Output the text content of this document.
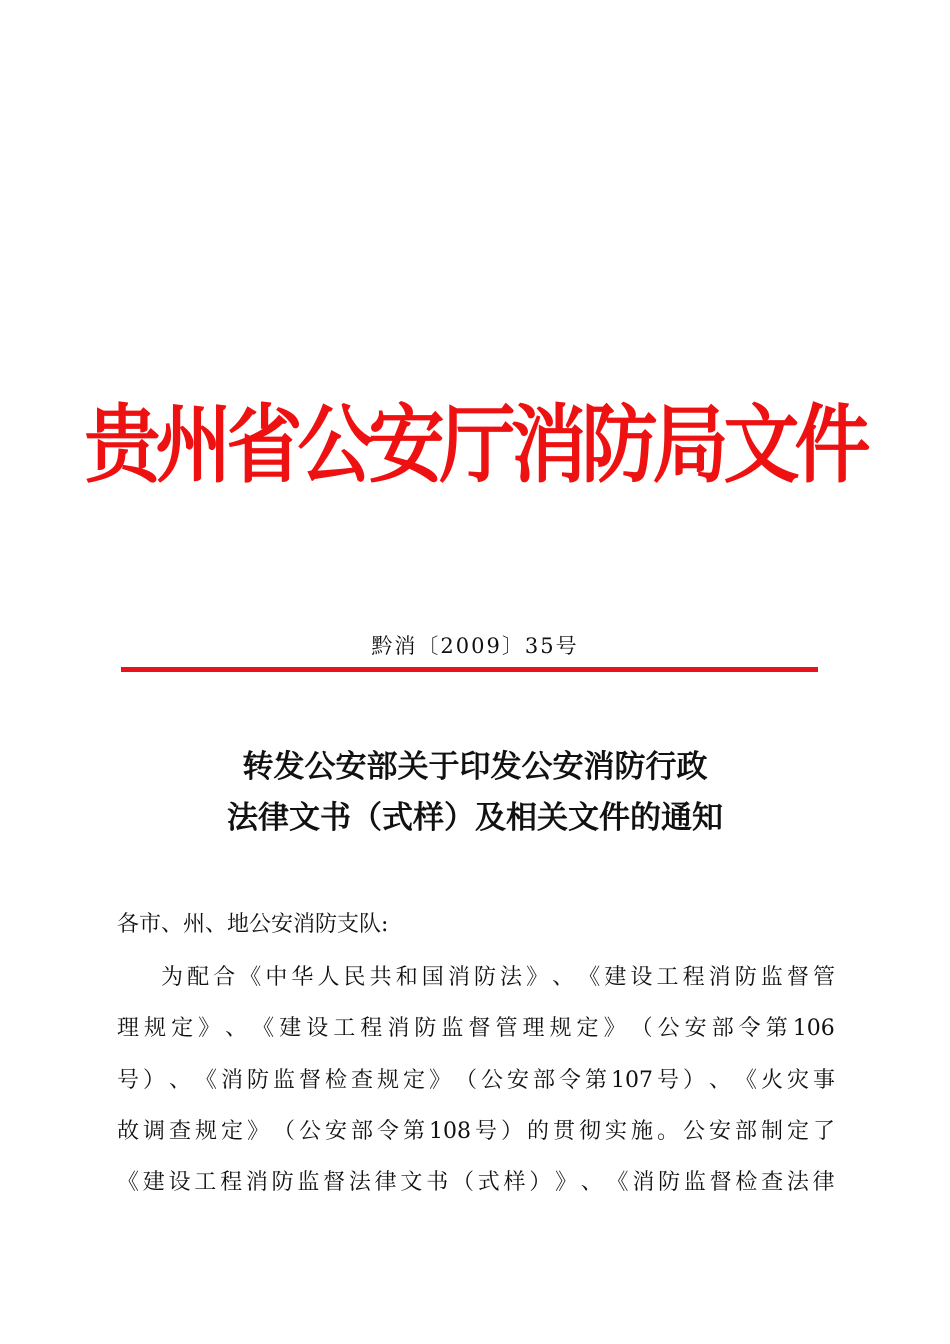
贵州省公安厅消防局文件
黔消〔2009〕35号
转发公安部关于印发公安消防行政
法律文书（式样）及相关文件的通知
各市、州、地公安消防支队:
为 配 合 《 中 华 人 民 共 和 国 消 防 法 》 、 《 建 设 工 程 消 防 监 督 管
理 规 定 》 、 《 建 设 工 程 消 防 监 督 管 理 规 定 》 （ 公 安 部 令 第 106
号 ） 、 《 消 防 监 督 检 查 规 定 》 （ 公 安 部 令 第 107 号 ） 、 《 火 灾 事
故 调 查 规 定 》 （ 公 安 部 令 第 108 号 ） 的 贯 彻 实 施 。 公 安 部 制 定 了
《 建 设 工 程 消 防 监 督 法 律 文 书 （ 式 样 ） 》 、 《 消 防 监 督 检 查 法 律
